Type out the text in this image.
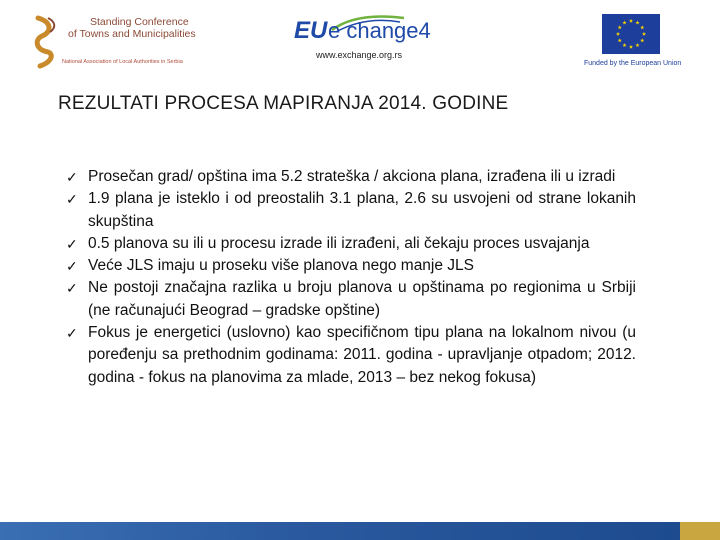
Standing Conference
of Towns and Municipalities
National Association of Local Authorities in Serbia
EU e change4
www.exchange.org.rs
Funded by the European Union
REZULTATI PROCESA MAPIRANJA 2014. GODINE
✓ Prosečan grad/ opština ima 5.2 strateška / akciona plana, izrađena ili u izradi
✓ 1.9 plana je isteklo i od preostalih 3.1 plana, 2.6 su usvojeni od strane lokanih skupština
✓ 0.5 planova su ili u procesu izrade ili izrađeni, ali čekaju proces usvajanja
✓ Veće JLS imaju u proseku više planova nego manje JLS
✓ Ne postoji značajna razlika u broju planova u opštinama po regionima u Srbiji (ne računajući Beograd – gradske opštine)
✓ Fokus je energetici (uslovno) kao specifičnom tipu plana na lokalnom nivou (u poređenju sa prethodnim godinama: 2011. godina - upravljanje otpadom; 2012. godina - fokus na planovima za mlade, 2013 – bez nekog fokusa)
